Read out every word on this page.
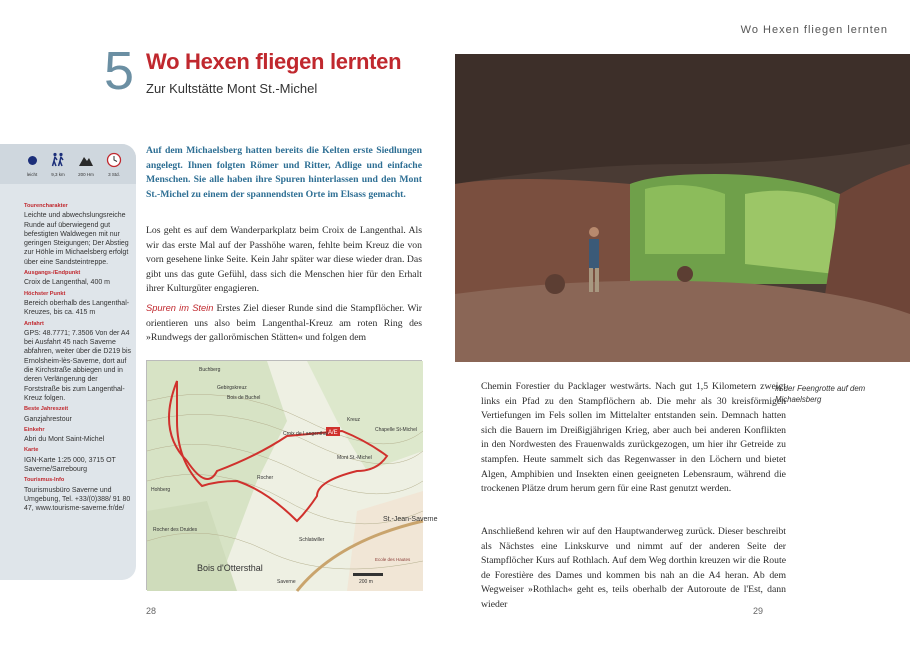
5 Wo Hexen fliegen lernten
Zur Kultstätte Mont St.-Michel
leicht	9,3 km	200 Hm	3 Std.
Tourencharakter
Leichte und abwechslungsreiche Runde auf überwiegend gut befestigten Waldwegen mit nur geringen Steigungen; Der Abstieg zur Höhle im Michaelsberg erfolgt über eine Sandsteintreppe.
Ausgangs-/Endpunkt
Croix de Langenthal, 400 m
Höchster Punkt
Bereich oberhalb des Langenthal-Kreuzes, bis ca. 415 m
Anfahrt
GPS: 48.7771; 7.3506 Von der A4 bei Ausfahrt 45 nach Saverne abfahren, weiter über die D219 bis Ernolsheim-lès-Saverne, dort auf die Kirchstraße abbiegen und in deren Verlängerung der Forststraße bis zum Langenthal-Kreuz folgen.
Beste Jahreszeit
Ganzjahrestour
Einkehr
Abri du Mont Saint-Michel
Karte
IGN-Karte 1:25 000, 3715 OT Saverne/Sarrebourg
Tourismus-Info
Tourismusbüro Saverne und Umgebung, Tel. +33/(0)388/ 91 80 47, www.tourisme-saverne.fr/de/
Auf dem Michaelsberg hatten bereits die Kelten erste Siedlungen angelegt. Ihnen folgten Römer und Ritter, Adlige und einfache Menschen. Sie alle haben ihre Spuren hinterlassen und den Mont St.-Michel zu einem der spannendsten Orte im Elsass gemacht.
Los geht es auf dem Wanderparkplatz beim Croix de Langenthal. Als wir das erste Mal auf der Passhöhe waren, fehlte beim Kreuz die von vorn gesehene linke Seite. Kein Jahr später war diese wieder dran. Das gibt uns das gute Gefühl, dass sich die Menschen hier für den Erhalt ihrer Kulturgüter engagieren.
Spuren im Stein Erstes Ziel dieser Runde sind die Stampflöcher. Wir orientieren uns also beim Langenthal-Kreuz am roten Ring des »Rundwegs der gallorömischen Stätten« und folgen dem
A/E
Buchberg
Gebirgskreuz
Bois de Buchel
Croix de Langenthal
Kreuz
Chapelle St-Michel
Mont St.-Michel
Rocher
Hohberg
Bois d'Ottersthal
St.-Jean-Saverne
Saverne
Schlatwiller
Ecole des Hautes
Rocher des Druides
200 m
28
Wo Hexen fliegen lernten
In der Feengrotte auf dem Michaelsberg
Chemin Forestier du Packlager westwärts. Nach gut 1,5 Kilometern zweigt links ein Pfad zu den Stampflöchern ab. Die mehr als 30 kreisförmigen Vertiefungen im Fels sollen im Mittelalter entstanden sein. Demnach hatten sich die Bauern im Dreißigjährigen Krieg, aber auch bei anderen Konflikten in den Nordwesten des Frauenwalds zurückgezogen, um hier ihr Getreide zu stampfen. Heute sammelt sich das Regenwasser in den Löchern und bietet Algen, Amphibien und Insekten einen geeigneten Lebensraum, während die trockenen Plätze drum herum gern für eine Rast genutzt werden.
Anschließend kehren wir auf den Hauptwanderweg zurück. Dieser beschreibt als Nächstes eine Linkskurve und nimmt auf der anderen Seite der Stampflöcher Kurs auf Rothlach. Auf dem Weg dorthin kreuzen wir die Route de Forestière des Dames und kommen bis nah an die A4 heran. Ab dem Wegweiser »Rothlach« geht es, teils oberhalb der Autoroute de l'Est, dann wieder
29
